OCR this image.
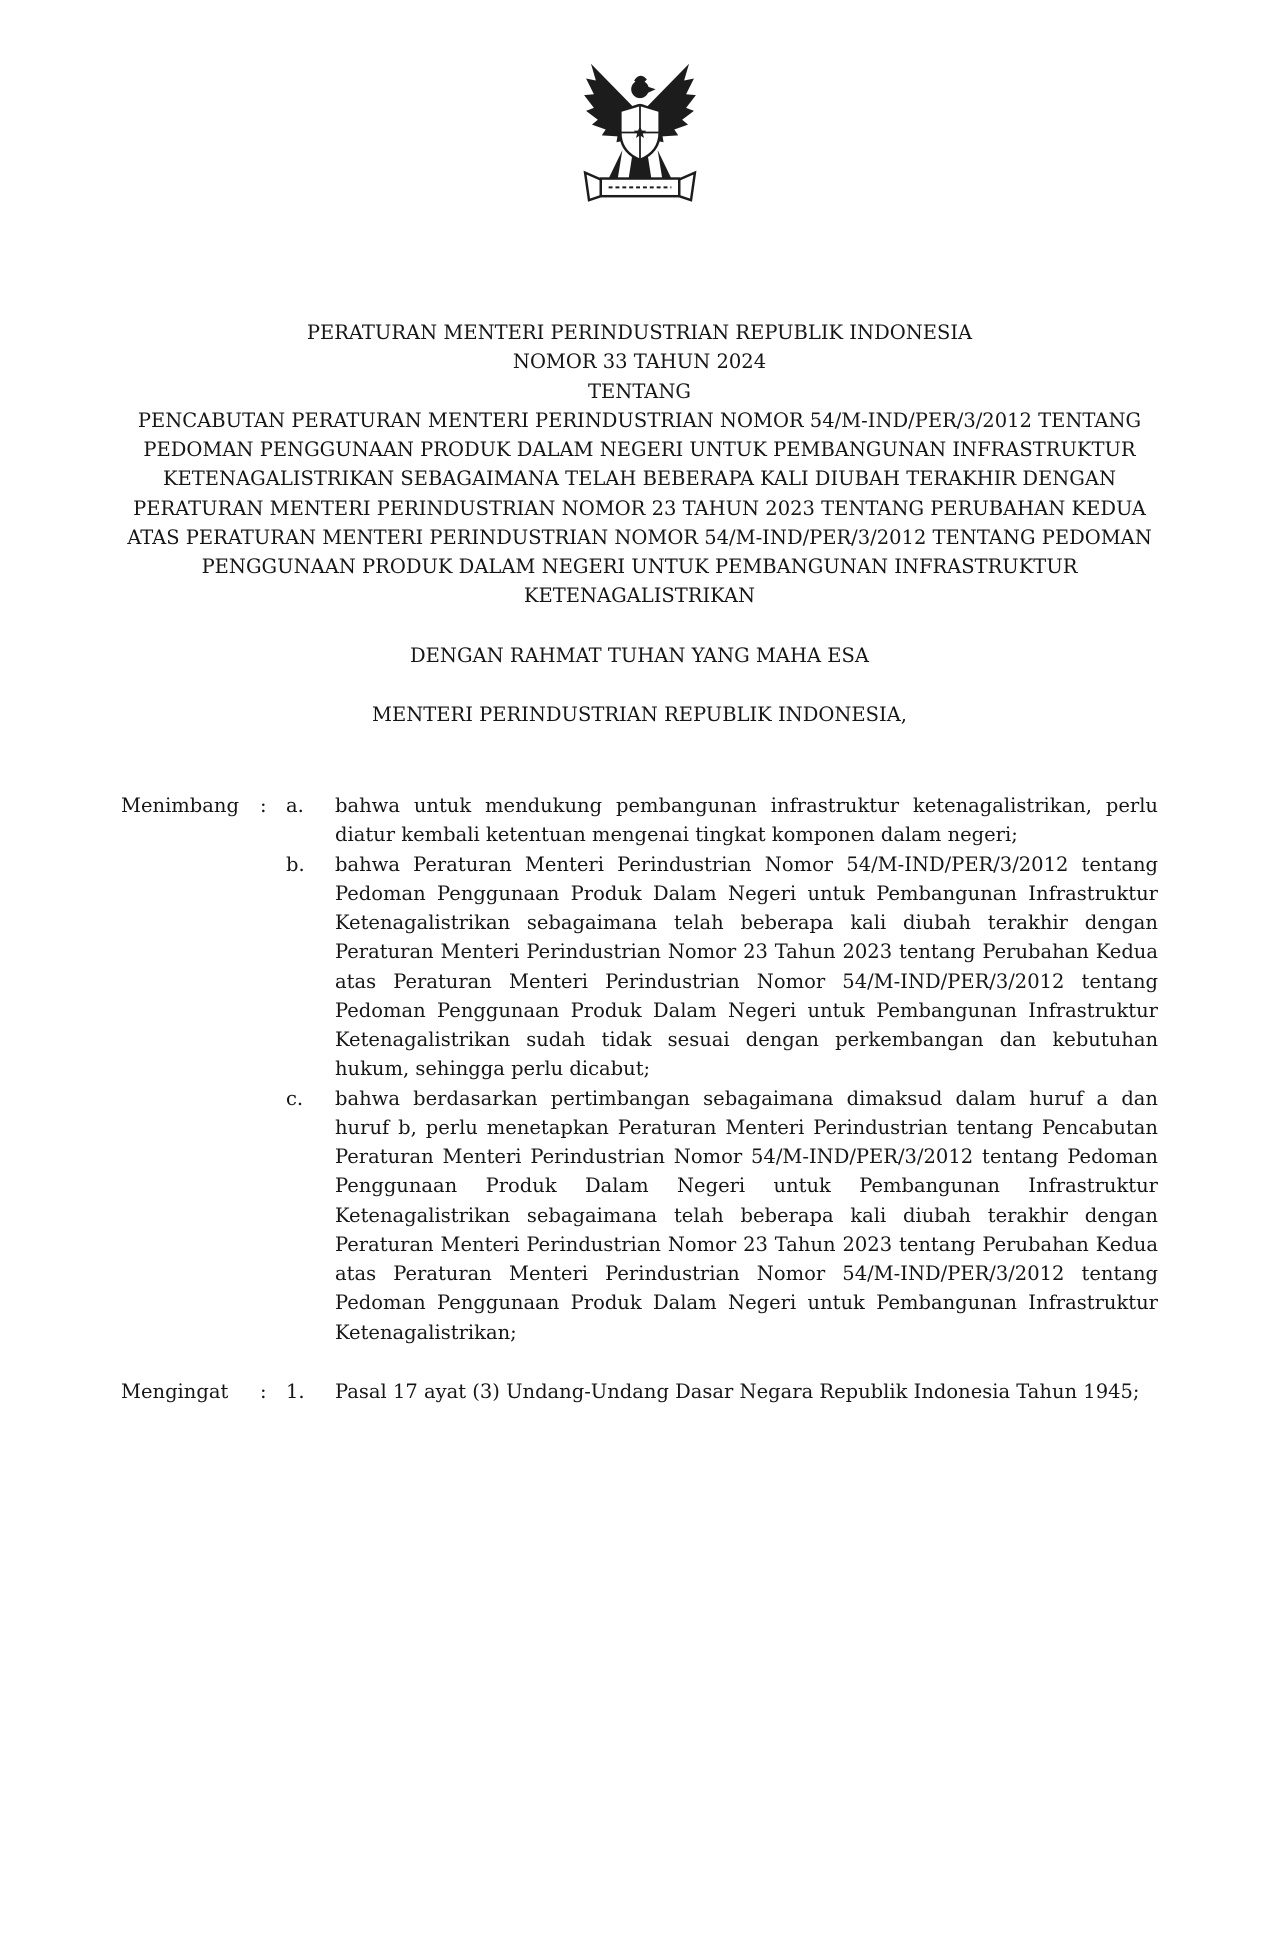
PERATURAN MENTERI PERINDUSTRIAN REPUBLIK INDONESIA

NOMOR 33 TAHUN 2024

TENTANG

PENCABUTAN PERATURAN MENTERI PERINDUSTRIAN NOMOR 54/M-IND/PER/3/2012 TENTANG PEDOMAN PENGGUNAAN PRODUK DALAM NEGERI UNTUK PEMBANGUNAN INFRASTRUKTUR KETENAGALISTRIKAN SEBAGAIMANA TELAH BEBERAPA KALI DIUBAH TERAKHIR DENGAN PERATURAN MENTERI PERINDUSTRIAN NOMOR 23 TAHUN 2023 TENTANG PERUBAHAN KEDUA ATAS PERATURAN MENTERI PERINDUSTRIAN NOMOR 54/M-IND/PER/3/2012 TENTANG PEDOMAN PENGGUNAAN PRODUK DALAM NEGERI UNTUK PEMBANGUNAN INFRASTRUKTUR KETENAGALISTRIKAN

DENGAN RAHMAT TUHAN YANG MAHA ESA

MENTERI PERINDUSTRIAN REPUBLIK INDONESIA,

Menimbang	: a.	bahwa untuk mendukung pembangunan infrastruktur ketenagalistrikan, perlu diatur kembali ketentuan mengenai tingkat komponen dalam negeri;

b.	bahwa Peraturan Menteri Perindustrian Nomor 54/M-IND/PER/3/2012 tentang Pedoman Penggunaan Produk Dalam Negeri untuk Pembangunan Infrastruktur Ketenagalistrikan sebagaimana telah beberapa kali diubah terakhir dengan Peraturan Menteri Perindustrian Nomor 23 Tahun 2023 tentang Perubahan Kedua atas Peraturan Menteri Perindustrian Nomor 54/M-IND/PER/3/2012 tentang Pedoman Penggunaan Produk Dalam Negeri untuk Pembangunan Infrastruktur Ketenagalistrikan sudah tidak sesuai dengan perkembangan dan kebutuhan hukum, sehingga perlu dicabut;

c.	bahwa berdasarkan pertimbangan sebagaimana dimaksud dalam huruf a dan huruf b, perlu menetapkan Peraturan Menteri Perindustrian tentang Pencabutan Peraturan Menteri Perindustrian Nomor 54/M-IND/PER/3/2012 tentang Pedoman Penggunaan Produk Dalam Negeri untuk Pembangunan Infrastruktur Ketenagalistrikan sebagaimana telah beberapa kali diubah terakhir dengan Peraturan Menteri Perindustrian Nomor 23 Tahun 2023 tentang Perubahan Kedua atas Peraturan Menteri Perindustrian Nomor 54/M-IND/PER/3/2012 tentang Pedoman Penggunaan Produk Dalam Negeri untuk Pembangunan Infrastruktur Ketenagalistrikan;

Mengingat	: 1.	Pasal 17 ayat (3) Undang-Undang Dasar Negara Republik Indonesia Tahun 1945;
